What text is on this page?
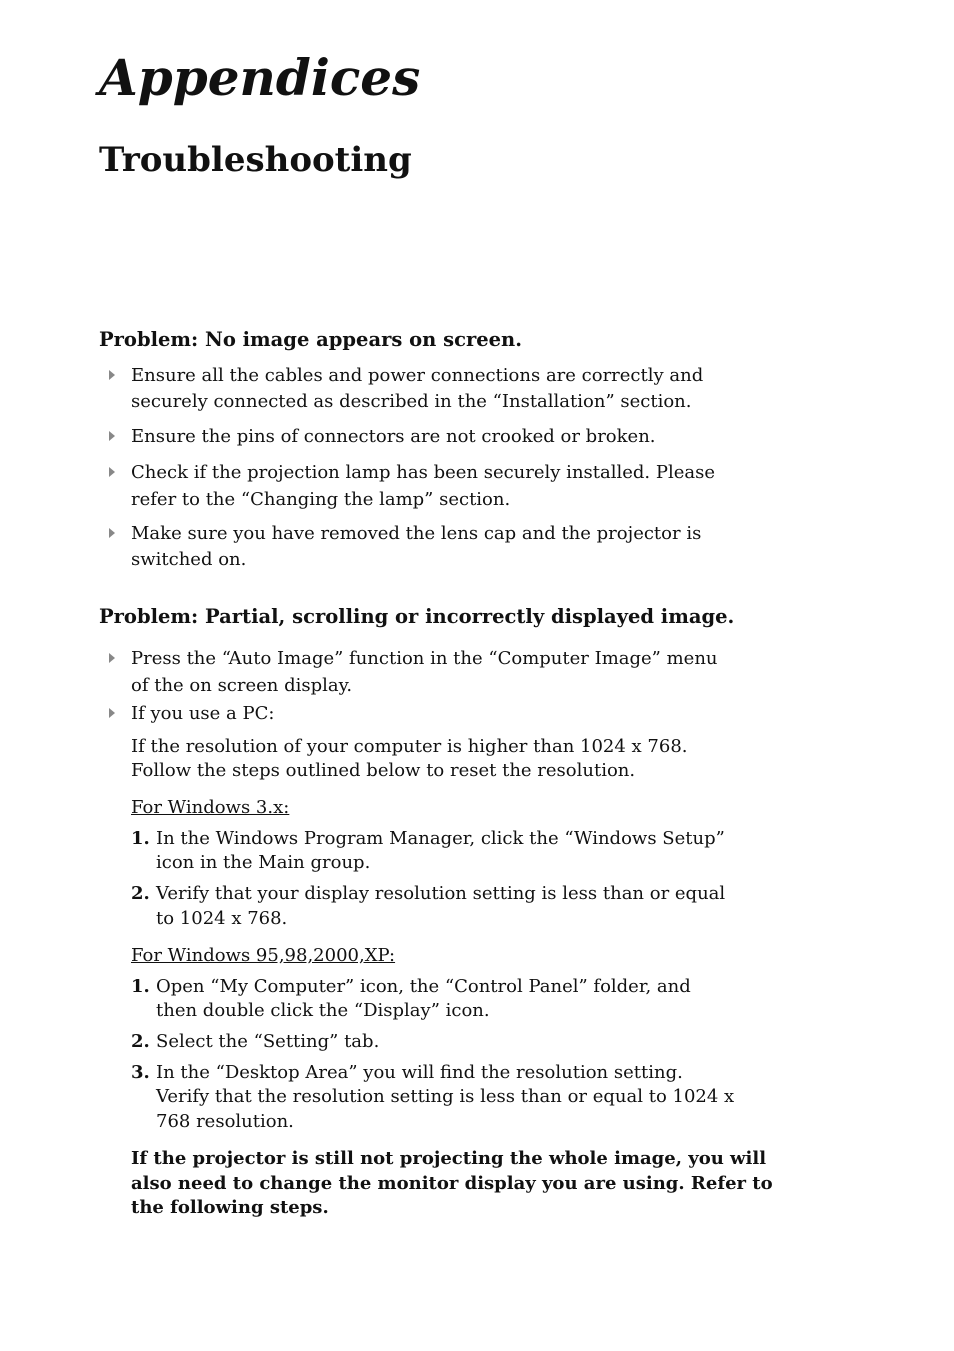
Appendices
Troubleshooting
Problem: No image appears on screen.
Ensure all the cables and power connections are correctly and
securely connected as described in the “Installation” section.
Ensure the pins of connectors are not crooked or broken.
Check if the projection lamp has been securely installed. Please
refer to the “Changing the lamp” section.
Make sure you have removed the lens cap and the projector is
switched on.
Problem: Partial, scrolling or incorrectly displayed image.
Press the “Auto Image” function in the “Computer Image” menu
of the on screen display.
If you use a PC:
If the resolution of your computer is higher than 1024 x 768.
Follow the steps outlined below to reset the resolution.
For Windows 3.x:
1. In the Windows Program Manager, click the “Windows Setup”
icon in the Main group.
2. Verify that your display resolution setting is less than or equal
to 1024 x 768.
For Windows 95,98,2000,XP:
1. Open “My Computer” icon, the “Control Panel” folder, and
then double click the “Display” icon.
2. Select the “Setting” tab.
3. In the “Desktop Area” you will find the resolution setting.
Verify that the resolution setting is less than or equal to 1024 x
768 resolution.
If the projector is still not projecting the whole image, you will
also need to change the monitor display you are using. Refer to
the following steps.
